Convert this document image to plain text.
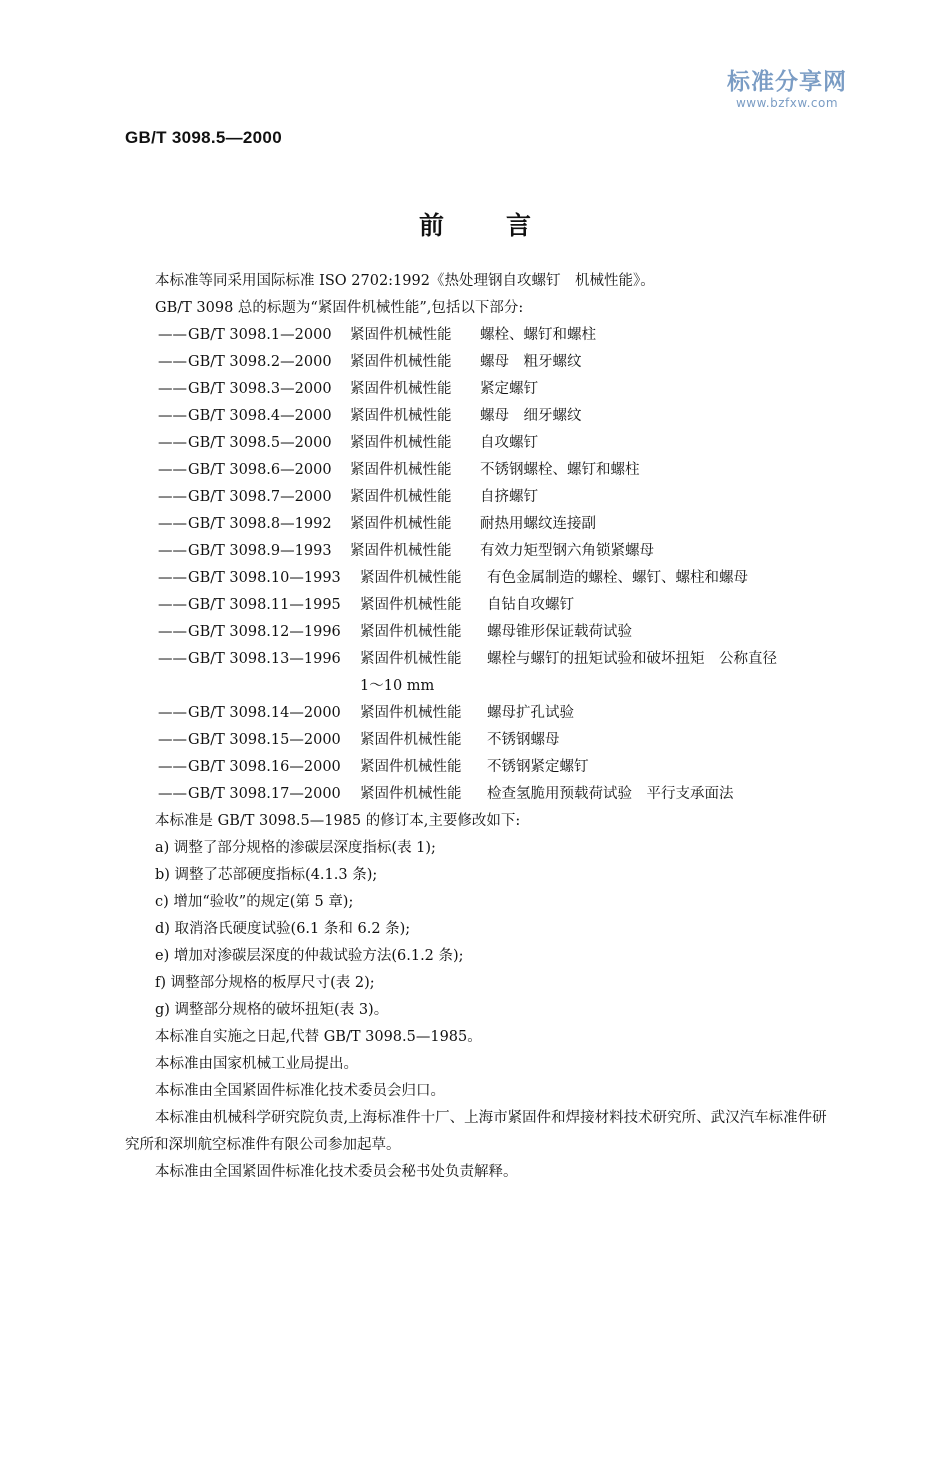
标准分享网
www.bzfxw.com
GB/T 3098.5—2000
前言
本标准等同采用国际标准 ISO 2702:1992《热处理钢自攻螺钉　机械性能》。
GB/T 3098 总的标题为“紧固件机械性能”,包括以下部分:
—— GB/T 3098.1—2000 紧固件机械性能 螺栓、螺钉和螺柱
—— GB/T 3098.2—2000 紧固件机械性能 螺母　粗牙螺纹
—— GB/T 3098.3—2000 紧固件机械性能 紧定螺钉
—— GB/T 3098.4—2000 紧固件机械性能 螺母　细牙螺纹
—— GB/T 3098.5—2000 紧固件机械性能 自攻螺钉
—— GB/T 3098.6—2000 紧固件机械性能 不锈钢螺栓、螺钉和螺柱
—— GB/T 3098.7—2000 紧固件机械性能 自挤螺钉
—— GB/T 3098.8—1992 紧固件机械性能 耐热用螺纹连接副
—— GB/T 3098.9—1993 紧固件机械性能 有效力矩型钢六角锁紧螺母
—— GB/T 3098.10—1993 紧固件机械性能 有色金属制造的螺栓、螺钉、螺柱和螺母
—— GB/T 3098.11—1995 紧固件机械性能 自钻自攻螺钉
—— GB/T 3098.12—1996 紧固件机械性能 螺母锥形保证载荷试验
—— GB/T 3098.13—1996 紧固件机械性能 螺栓与螺钉的扭矩试验和破坏扭矩　公称直径
1～10 mm
—— GB/T 3098.14—2000 紧固件机械性能 螺母扩孔试验
—— GB/T 3098.15—2000 紧固件机械性能 不锈钢螺母
—— GB/T 3098.16—2000 紧固件机械性能 不锈钢紧定螺钉
—— GB/T 3098.17—2000 紧固件机械性能 检查氢脆用预载荷试验　平行支承面法
本标准是 GB/T 3098.5—1985 的修订本,主要修改如下:
a) 调整了部分规格的渗碳层深度指标(表 1);
b) 调整了芯部硬度指标(4.1.3 条);
c) 增加“验收”的规定(第 5 章);
d) 取消洛氏硬度试验(6.1 条和 6.2 条);
e) 增加对渗碳层深度的仲裁试验方法(6.1.2 条);
f) 调整部分规格的板厚尺寸(表 2);
g) 调整部分规格的破坏扭矩(表 3)。
本标准自实施之日起,代替 GB/T 3098.5—1985。
本标准由国家机械工业局提出。
本标准由全国紧固件标准化技术委员会归口。
本标准由机械科学研究院负责,上海标准件十厂、上海市紧固件和焊接材料技术研究所、武汉汽车标准件研究所和深圳航空标准件有限公司参加起草。
本标准由全国紧固件标准化技术委员会秘书处负责解释。
